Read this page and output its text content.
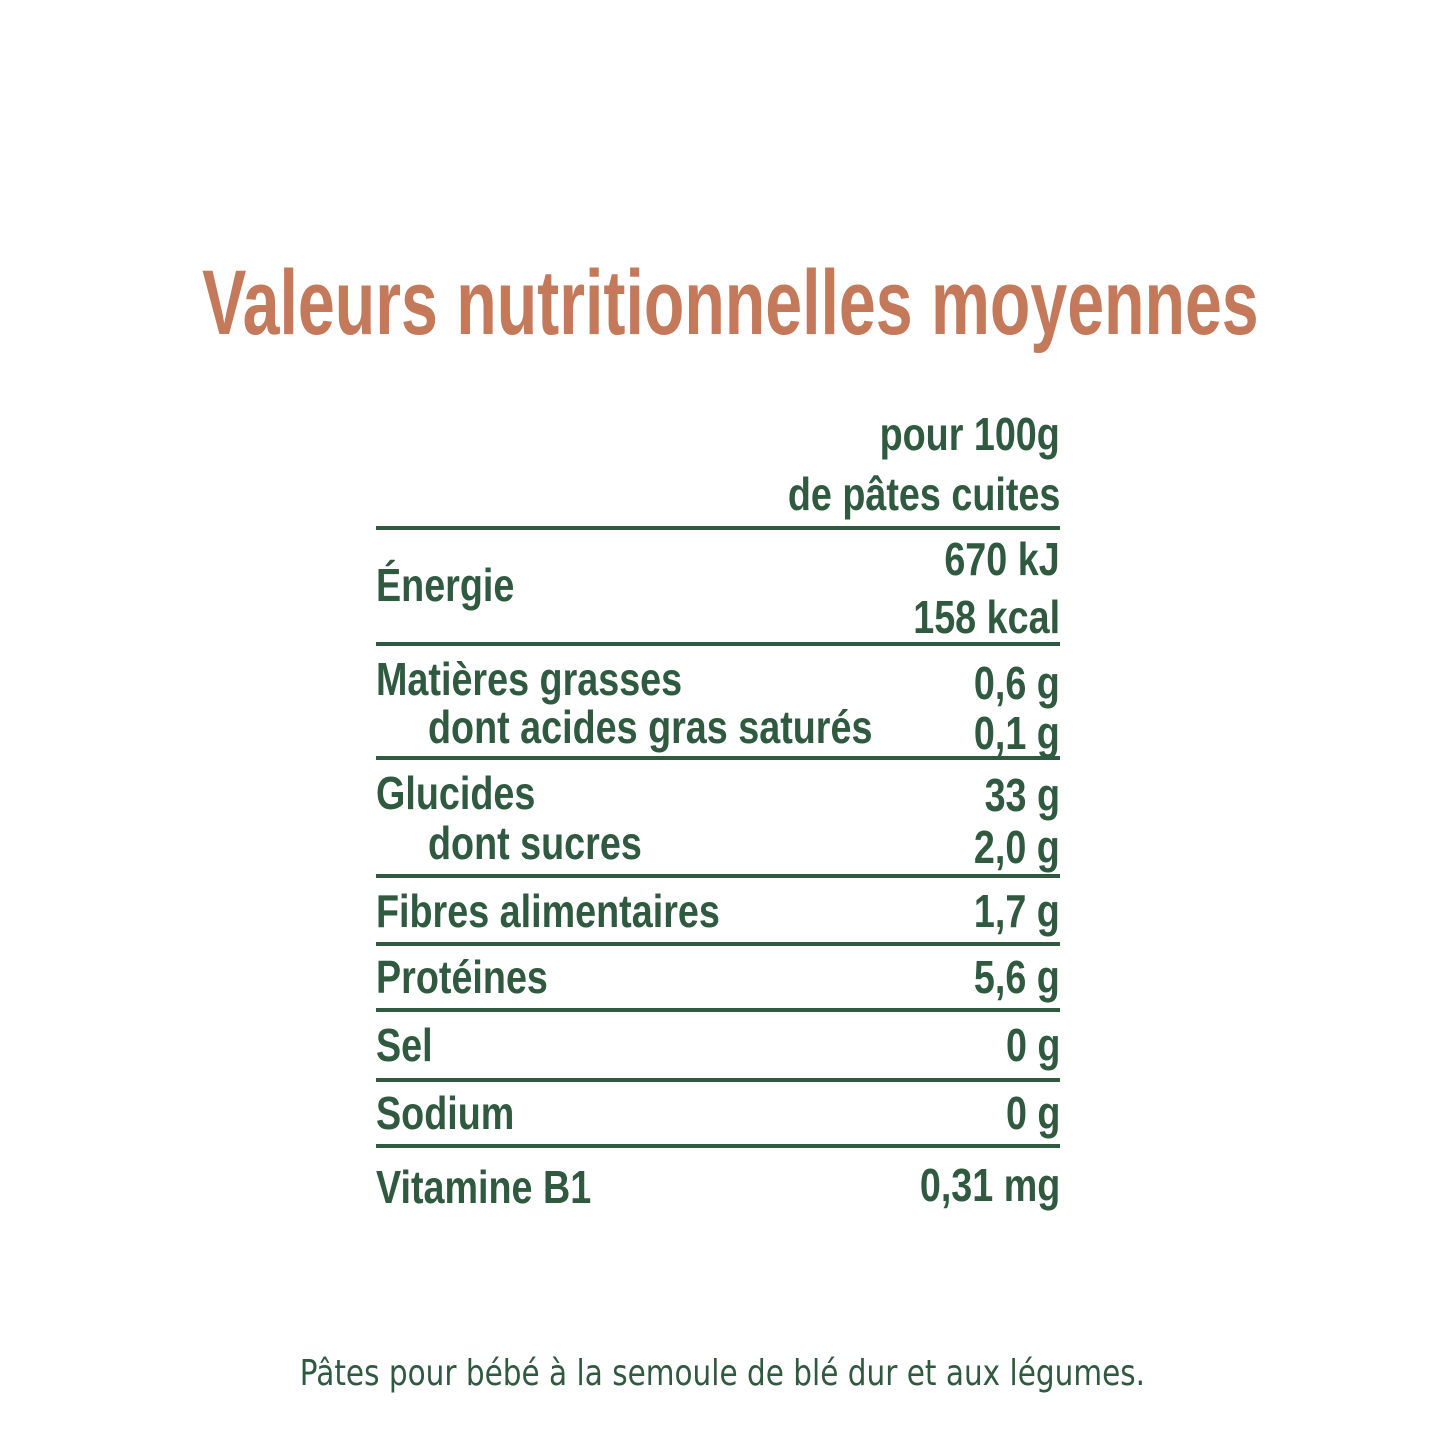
Valeurs nutritionnelles moyennes
pour 100g
de pâtes cuites
Énergie	670 kJ
158 kcal
Matières grasses	0,6 g
dont acides gras saturés	0,1 g
Glucides	33 g
dont sucres	2,0 g
Fibres alimentaires	1,7 g
Protéines	5,6 g
Sel	0 g
Sodium	0 g
Vitamine B1	0,31 mg
Pâtes pour bébé à la semoule de blé dur et aux légumes.
